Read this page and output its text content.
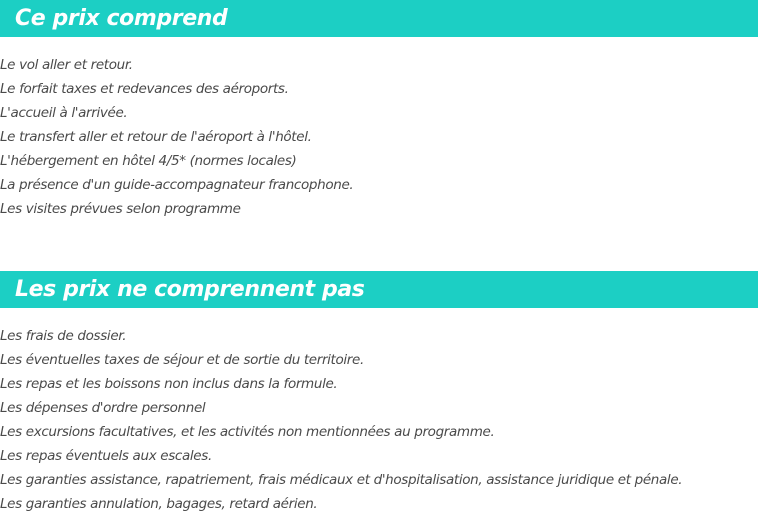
Ce prix comprend
Le vol aller et retour.
Le forfait taxes et redevances des aéroports.
L'accueil à l'arrivée.
Le transfert aller et retour de l'aéroport à l'hôtel.
L'hébergement en hôtel 4/5* (normes locales)
La présence d'un guide-accompagnateur francophone.
Les visites prévues selon programme
Les prix ne comprennent pas
Les frais de dossier.
Les éventuelles taxes de séjour et de sortie du territoire.
Les repas et les boissons non inclus dans la formule.
Les dépenses d'ordre personnel
Les excursions facultatives, et les activités non mentionnées au programme.
Les repas éventuels aux escales.
Les garanties assistance, rapatriement, frais médicaux et d'hospitalisation, assistance juridique et pénale.
Les garanties annulation, bagages, retard aérien.
